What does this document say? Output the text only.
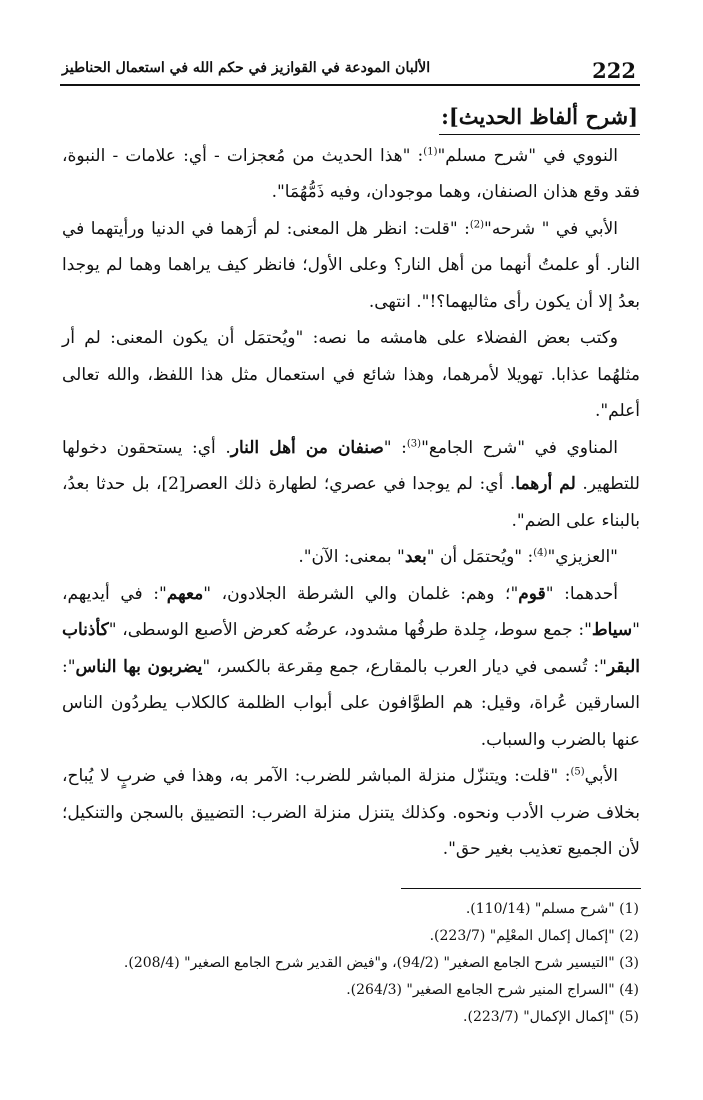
222
الألبان المودعة في القوازيز في حكم الله في استعمال الحناطيز
[شرح ألفاظ الحديث]:

النووي في "شرح مسلم"$^{(1)}$: "هذا الحديث من مُعجزات - أي: علامات - النبوة، فقد وقع هذان الصنفان، وهما موجودان، وفيه ذَمُّهُمَا".

الأبي في " شرحه"$^{(2)}$: "قلت: انظر هل المعنى: لم أرَهما في الدنيا ورأيتهما في النار. أو علمتُ أنهما من أهل النار؟ وعلى الأول؛ فانظر كيف يراهما وهما لم يوجدا بعدُ إلا أن يكون رأى مثاليهما؟!". انتهى.

وكتب بعض الفضلاء على هامشه ما نصه: "ويُحتمَل أن يكون المعنى: لم أر مثلهُما عذابا. تهويلا لأمرهما، وهذا شائع في استعمال مثل هذا اللفظ، والله تعالى أعلم".

المناوي في "شرح الجامع"$^{(3)}$: "صنفان من أهل النار. أي: يستحقون دخولها للتطهير. لم أرهما. أي: لم يوجدا في عصري؛ لطهارة ذلك العصر[2]، بل حدثا بعدُ، بالبناء على الضم".

"العزيزي"$^{(4)}$: "ويُحتمَل أن "بعد" بمعنى: الآن".

أحدهما: "قوم"؛ وهم: غلمان والي الشرطة الجلادون، "معهم": في أيديهم، "سياط": جمع سوط، جِلدة طرفُها مشدود، عرضُه كعرض الأصبع الوسطى، "كأذناب البقر": تُسمى في ديار العرب بالمقارع، جمع مِقرعة بالكسر، "يضربون بها الناس": السارقين عُراة، وقيل: هم الطوَّافون على أبواب الظلمة كالكلاب يطردُون الناس عنها بالضرب والسباب.

الأبي$^{(5)}$: "قلت: ويتنزّل منزلة المباشر للضرب: الآمر به، وهذا في ضربٍ لا يُباح، بخلاف ضرب الأدب ونحوه. وكذلك يتنزل منزلة الضرب: التضييق بالسجن والتنكيل؛ لأن الجميع تعذيب بغير حق".

(1) "شرح مسلم" (110/14).
(2) "إكمال إكمال المعْلِم" (223/7).
(3) "التيسير شرح الجامع الصغير" (94/2)، و"فيض القدير شرح الجامع الصغير" (208/4).
(4) "السراج المنير شرح الجامع الصغير" (264/3).
(5) "إكمال الإكمال" (223/7).
